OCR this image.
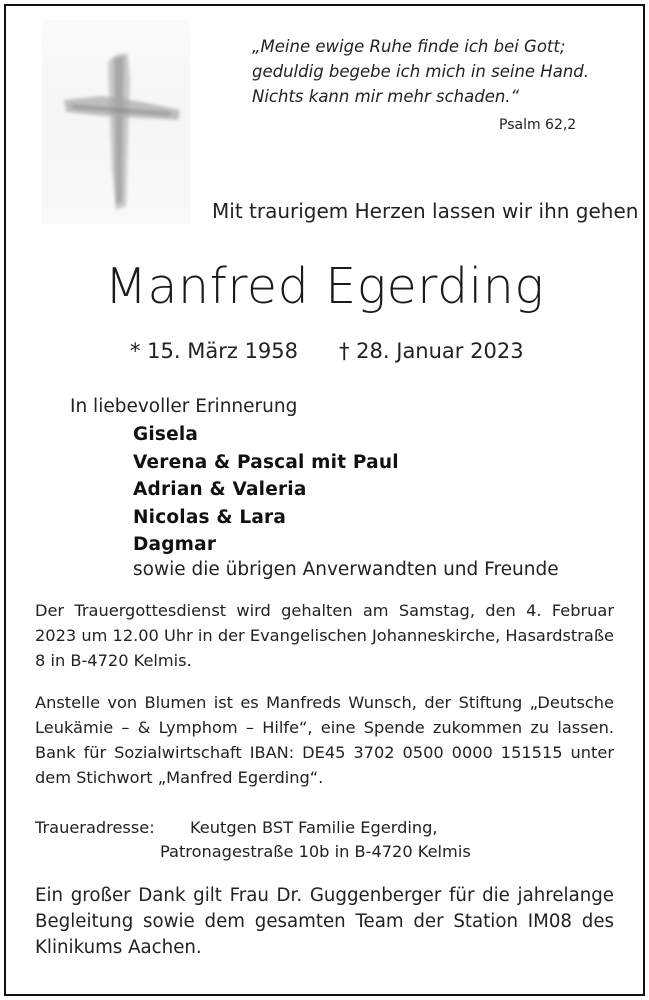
„Meine ewige Ruhe finde ich bei Gott;
geduldig begebe ich mich in seine Hand.
Nichts kann mir mehr schaden.“
Psalm 62,2
Mit traurigem Herzen lassen wir ihn gehen
Manfred Egerding
* 15. März 1958 † 28. Januar 2023
In liebevoller Erinnerung
Gisela
Verena & Pascal mit Paul
Adrian & Valeria
Nicolas & Lara
Dagmar
sowie die übrigen Anverwandten und Freunde
Der Trauergottesdienst wird gehalten am Samstag, den 4. Februar 2023 um 12.00 Uhr in der Evangelischen Johanneskirche, Hasardstraße 8 in B-4720 Kelmis.
Anstelle von Blumen ist es Manfreds Wunsch, der Stiftung „Deutsche Leukämie – & Lymphom – Hilfe“, eine Spende zukommen zu lassen. Bank für Sozialwirtschaft IBAN: DE45 3702 0500 0000 151515 unter dem Stichwort „Manfred Egerding“.
Traueradresse: Keutgen BST Familie Egerding,
Patronagestraße 10b in B-4720 Kelmis
Ein großer Dank gilt Frau Dr. Guggenberger für die jahrelange Begleitung sowie dem gesamten Team der Station IM08 des Klinikums Aachen.
